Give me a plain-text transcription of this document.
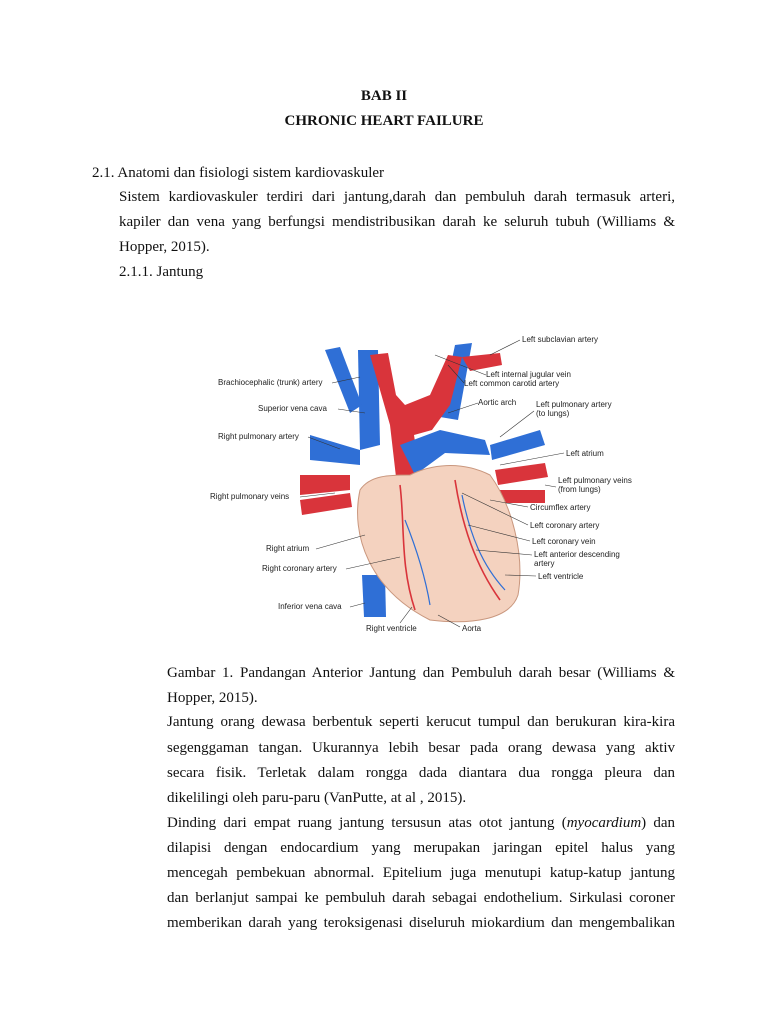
BAB II
CHRONIC HEART FAILURE
2.1. Anatomi dan fisiologi sistem kardiovaskuler
Sistem kardiovaskuler terdiri dari jantung,darah dan pembuluh darah termasuk arteri,
kapiler dan vena yang berfungsi mendistribusikan darah ke seluruh tubuh (Williams &
Hopper, 2015).
2.1.1. Jantung
Brachiocephalic (trunk) artery
Superior vena cava
Right pulmonary artery
Right pulmonary veins
Right atrium
Right coronary artery
Inferior vena cava
Right ventricle
Left subclavian artery
Left internal jugular vein
Left common carotid artery
Aortic arch Left pulmonary artery
(to lungs)
Left atrium
Left pulmonary veins
(from lungs)
Circumflex artery
Left coronary artery
Left coronary vein
Left anterior descending
artery
Left ventricle
Aorta
Gambar 1. Pandangan Anterior Jantung dan Pembuluh darah besar (Williams &
Hopper, 2015).
Jantung orang dewasa berbentuk seperti kerucut tumpul dan berukuran kira-kira
segenggaman tangan. Ukurannya lebih besar pada orang dewasa yang aktiv
secara fisik. Terletak dalam rongga dada diantara dua rongga pleura dan
dikelilingi oleh paru-paru (VanPutte, at al , 2015).
Dinding dari empat ruang jantung tersusun atas otot jantung (myocardium) dan
dilapisi dengan endocardium yang merupakan jaringan epitel halus yang
mencegah pembekuan abnormal. Epitelium juga menutupi katup-katup jantung
dan berlanjut sampai ke pembuluh darah sebagai endothelium. Sirkulasi coroner
memberikan darah yang teroksigenasi diseluruh miokardium dan mengembalikan
